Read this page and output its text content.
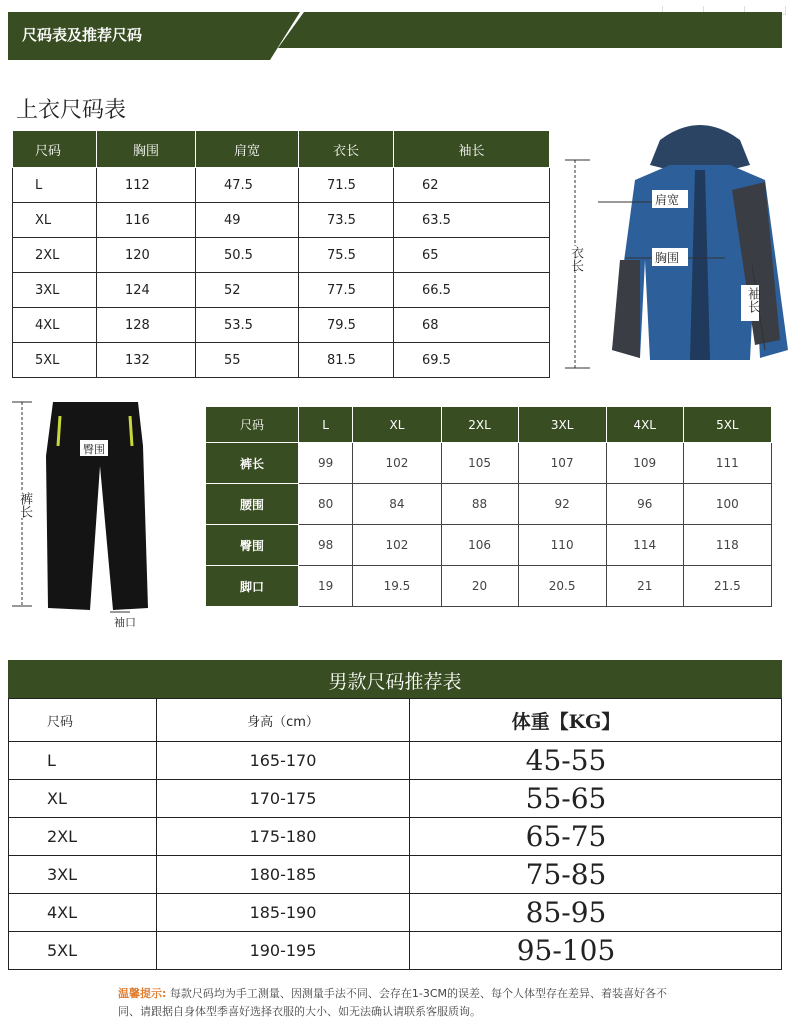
尺码表及推荐尺码
上衣尺码表
尺码	胸围	肩宽	衣长	袖长
L	112	47.5	71.5	62
XL	116	49	73.5	63.5
2XL	120	50.5	75.5	65
3XL	124	52	77.5	66.5
4XL	128	53.5	79.5	68
5XL	132	55	81.5	69.5
肩宽
胸围
衣长
袖长
臀围
裤长
袖口
尺码	L	XL	2XL	3XL	4XL	5XL
裤长	99	102	105	107	109	111
腰围	80	84	88	92	96	100
臀围	98	102	106	110	114	118
脚口	19	19.5	20	20.5	21	21.5
男款尺码推荐表
尺码	身高（cm）	体重【KG】
L	165-170	45-55
XL	170-175	55-65
2XL	175-180	65-75
3XL	180-185	75-85
4XL	185-190	85-95
5XL	190-195	95-105
温馨提示: 每款尺码均为手工测量、因测量手法不同、会存在1-3CM的误差、每个人体型存在差异、着装喜好各不同、请跟据自身体型季喜好选择衣服的大小、如无法确认请联系客服质询。
